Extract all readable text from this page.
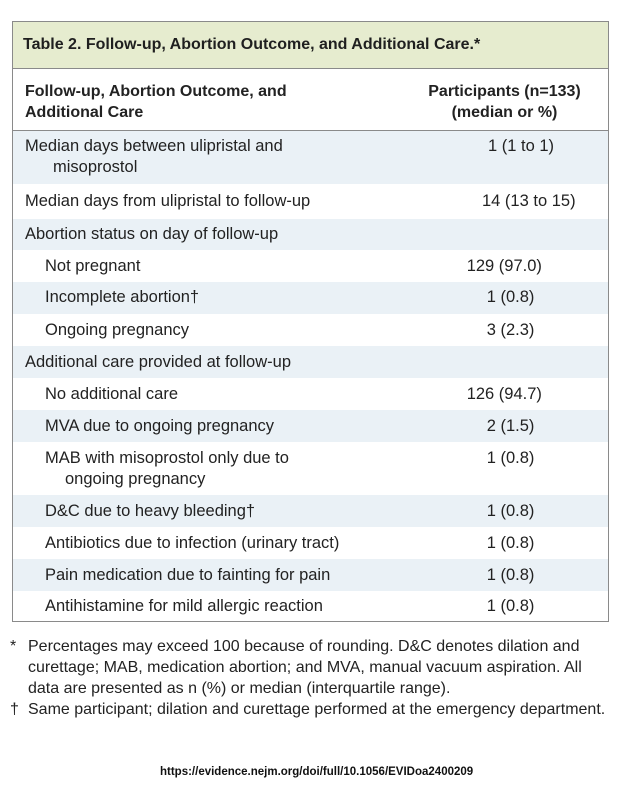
Table 2. Follow-up, Abortion Outcome, and Additional Care.*
Follow-up, Abortion Outcome, and
Additional Care
Participants (n=133)
(median or %)
Median days between ulipristal and
misoprostol
1 (1 to 1)
Median days from ulipristal to follow-up	14 (13 to 15)
Abortion status on day of follow-up
Not pregnant	129 (97.0)
Incomplete abortion†	1 (0.8)
Ongoing pregnancy	3 (2.3)
Additional care provided at follow-up
No additional care	126 (94.7)
MVA due to ongoing pregnancy	2 (1.5)
MAB with misoprostol only due to
ongoing pregnancy
1 (0.8)
D&C due to heavy bleeding†	1 (0.8)
Antibiotics due to infection (urinary tract)	1 (0.8)
Pain medication due to fainting for pain	1 (0.8)
Antihistamine for mild allergic reaction	1 (0.8)
* Percentages may exceed 100 because of rounding. D&C denotes dilation and curettage; MAB, medication abortion; and MVA, manual vacuum aspiration. All data are presented as n (%) or median (interquartile range).
† Same participant; dilation and curettage performed at the emergency department.
https://evidence.nejm.org/doi/full/10.1056/EVIDoa2400209
